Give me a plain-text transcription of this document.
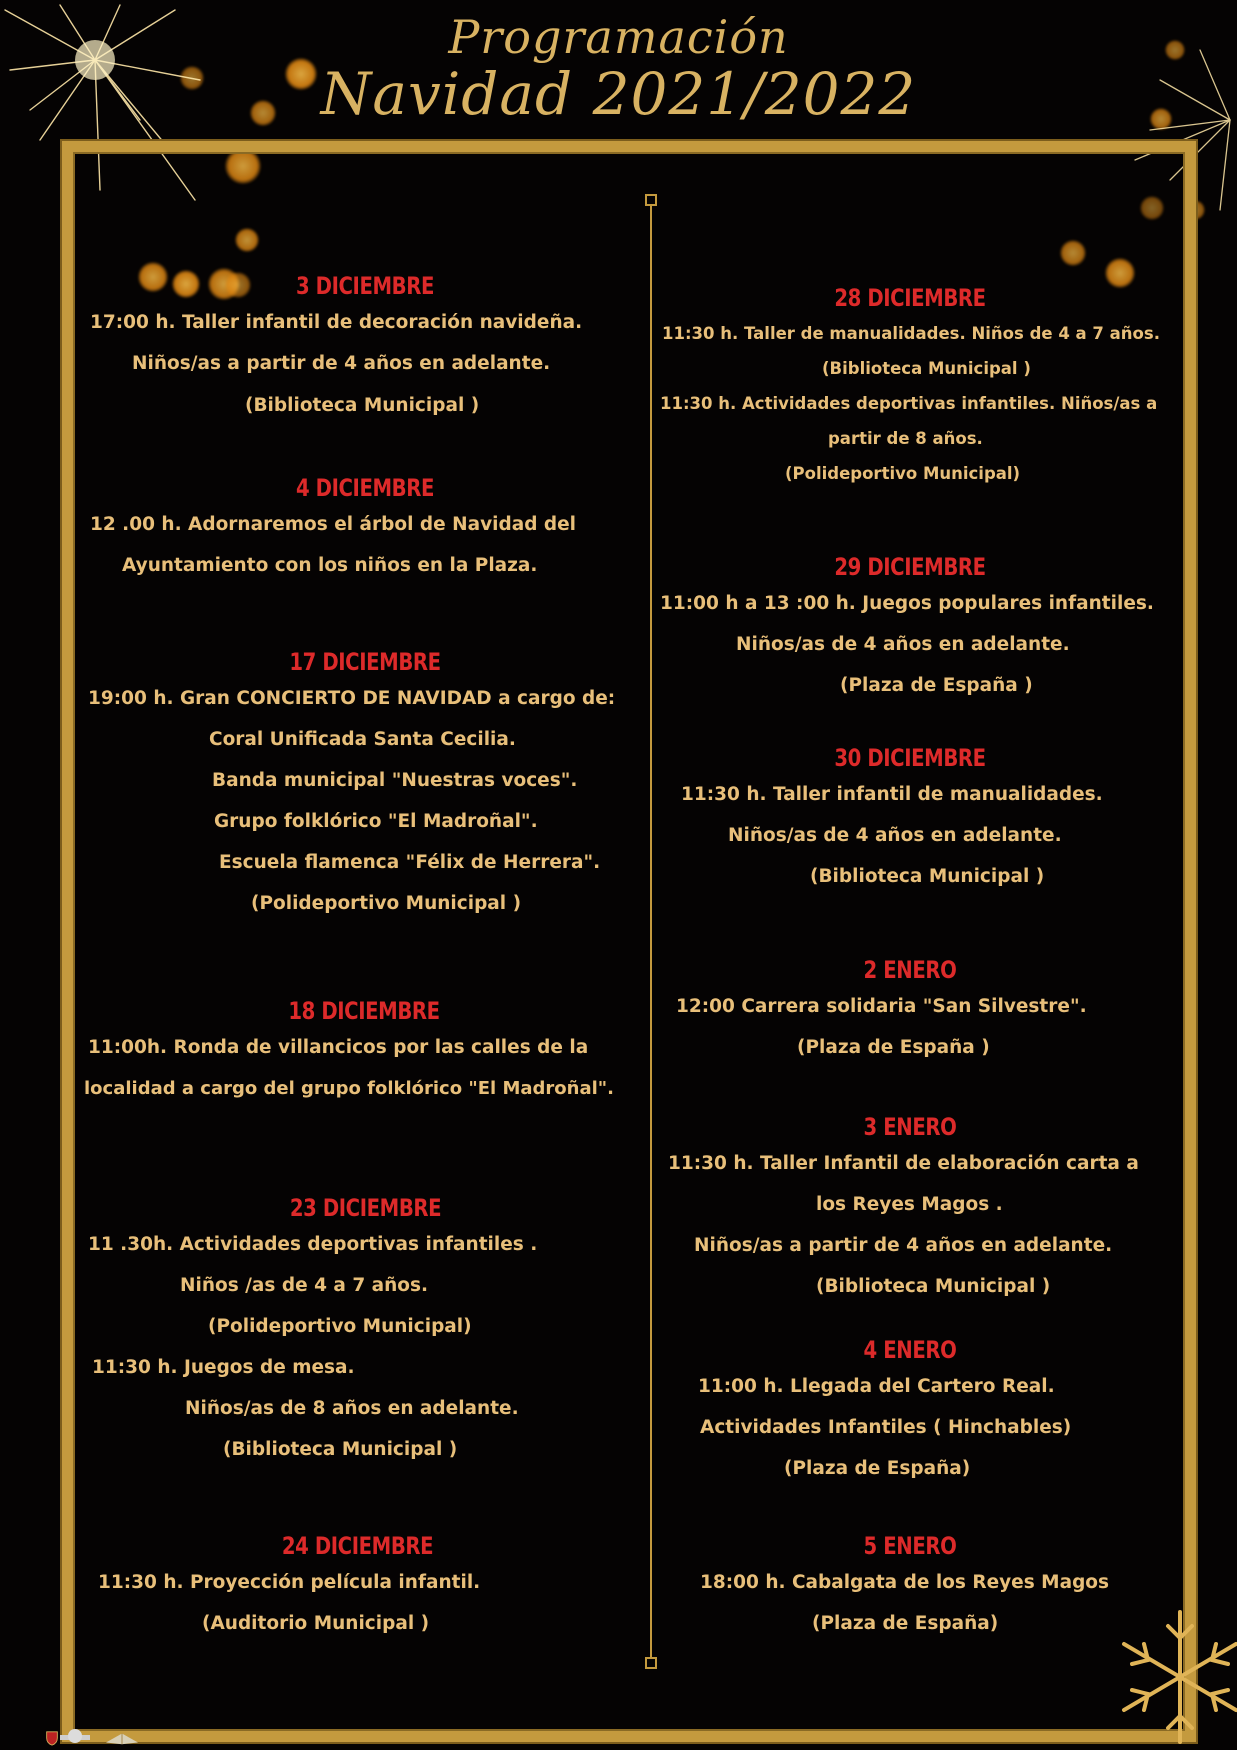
Programación
Navidad 2021/2022
3 DICIEMBRE
17:00 h. Taller infantil de decoración navideña.
Niños/as a partir de 4 años en adelante.
(Biblioteca Municipal )
4 DICIEMBRE
12 .00 h. Adornaremos el árbol de Navidad del
Ayuntamiento con los niños en la Plaza.
17 DICIEMBRE
19:00 h. Gran CONCIERTO DE NAVIDAD a cargo de:
Coral Unificada Santa Cecilia.
Banda municipal "Nuestras voces".
Grupo folklórico "El Madroñal".
Escuela flamenca "Félix de Herrera".
(Polideportivo Municipal )
18 DICIEMBRE
11:00h. Ronda de villancicos por las calles de la
localidad a cargo del grupo folklórico "El Madroñal".
23 DICIEMBRE
11 .30h. Actividades deportivas infantiles .
Niños /as de 4 a 7 años.
(Polideportivo Municipal)
11:30 h. Juegos de mesa.
Niños/as de 8 años en adelante.
(Biblioteca Municipal )
24 DICIEMBRE
11:30 h. Proyección película infantil.
(Auditorio Municipal )
28 DICIEMBRE
11:30 h. Taller de manualidades. Niños de 4 a 7 años.
(Biblioteca Municipal )
11:30 h. Actividades deportivas infantiles. Niños/as a
partir de 8 años.
(Polideportivo Municipal)
29 DICIEMBRE
11:00 h a 13 :00 h. Juegos populares infantiles.
Niños/as de 4 años en adelante.
(Plaza de España )
30 DICIEMBRE
11:30 h. Taller infantil de manualidades.
Niños/as de 4 años en adelante.
(Biblioteca Municipal )
2 ENERO
12:00 Carrera solidaria "San Silvestre".
(Plaza de España )
3 ENERO
11:30 h. Taller Infantil de elaboración carta a
los Reyes Magos .
Niños/as a partir de 4 años en adelante.
(Biblioteca Municipal )
4 ENERO
11:00 h. Llegada del Cartero Real.
Actividades Infantiles ( Hinchables)
(Plaza de España)
5 ENERO
18:00 h. Cabalgata de los Reyes Magos
(Plaza de España)
